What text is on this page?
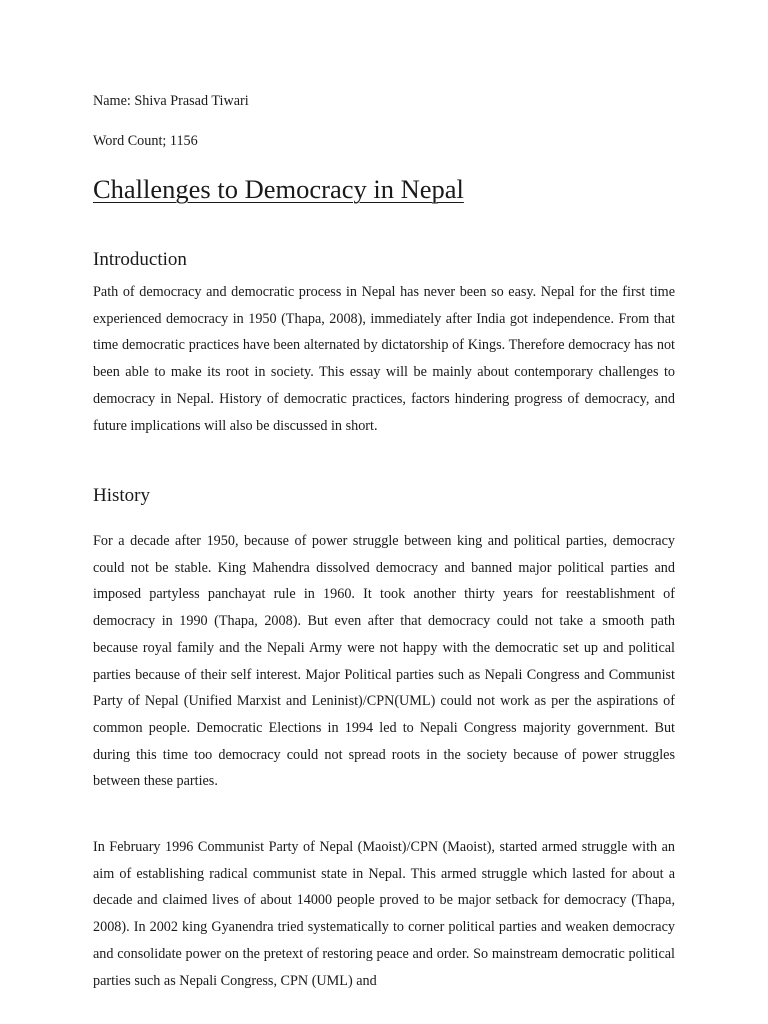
Name: Shiva Prasad Tiwari

Word Count; 1156

Challenges to Democracy in Nepal
Introduction

Path of democracy and democratic process in Nepal has never been so easy. Nepal for the first time experienced democracy in 1950 (Thapa, 2008), immediately after India got independence. From that time democratic practices have been alternated by dictatorship of Kings. Therefore democracy has not been able to make its root in society. This essay will be mainly about contemporary challenges to democracy in Nepal. History of democratic practices, factors hindering progress of democracy, and future implications will also be discussed in short.

History

For a decade after 1950, because of power struggle between king and political parties, democracy could not be stable. King Mahendra dissolved democracy and banned major political parties and imposed partyless panchayat rule in 1960. It took another thirty years for reestablishment of democracy in 1990 (Thapa, 2008). But even after that democracy could not take a smooth path because royal family and the Nepali Army were not happy with the democratic set up and political parties because of their self interest. Major Political parties such as Nepali Congress and Communist Party of Nepal (Unified Marxist and Leninist)/CPN(UML) could not work as per the aspirations of common people. Democratic Elections in 1994 led to Nepali Congress majority government. But during this time too democracy could not spread roots in the society because of power struggles between these parties.

In February 1996 Communist Party of Nepal (Maoist)/CPN (Maoist), started armed struggle with an aim of establishing radical communist state in Nepal. This armed struggle which lasted for about a decade and claimed lives of about 14000 people proved to be major setback for democracy (Thapa, 2008). In 2002 king Gyanendra tried systematically to corner political parties and weaken democracy and consolidate power on the pretext of restoring peace and order. So mainstream democratic political parties such as Nepali Congress, CPN (UML) and
